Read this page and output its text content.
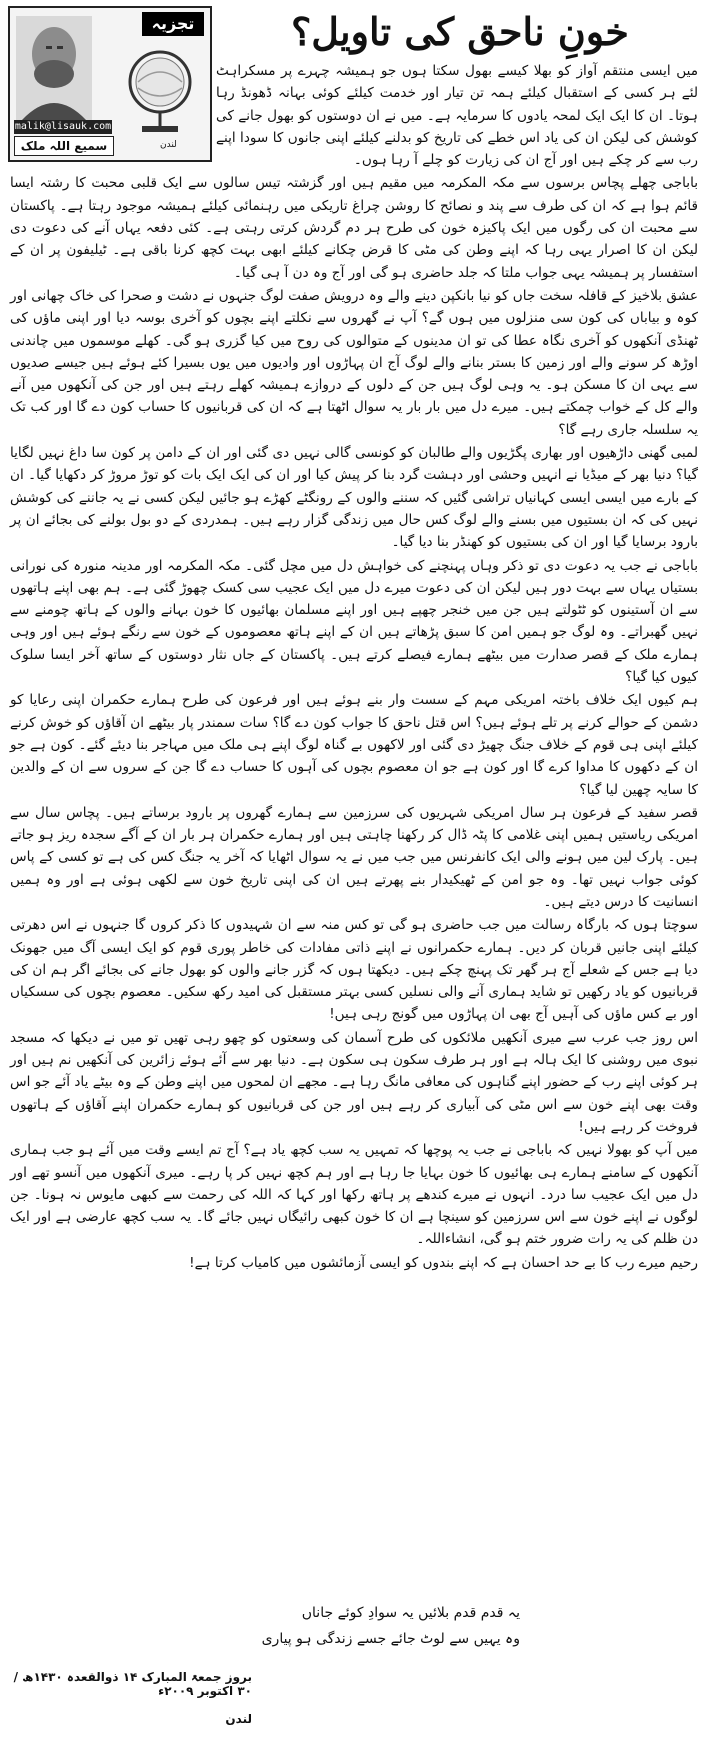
تجزیہ
malik@lisauk.com
سمیع اللہ ملک	لندن
خونِ ناحق کی تاویل؟

میں ایسی منتقم آواز کو بھلا کیسے بھول سکتا ہوں جو ہمیشہ چہرے پر مسکراہٹ لئے ہر کسی کے استقبال کیلئے ہمہ تن تیار اور خدمت کیلئے کوئی بہانہ ڈھونڈ رہا ہوتا۔ ان کا ایک ایک لمحہ یادوں کا سرمایہ ہے۔ میں نے ان دوستوں کو بھول جانے کی کوشش کی لیکن ان کی یاد اس خطے کی تاریخ کو بدلنے کیلئے اپنی جانوں کا سودا اپنے رب سے کر چکے ہیں اور آج ان کی زیارت کو چلے آ رہا ہوں۔

باباجی چھلے پچاس برسوں سے مکہ المکرمہ میں مقیم ہیں اور گزشتہ تیس سالوں سے ایک قلبی محبت کا رشتہ ایسا قائم ہوا ہے کہ ان کی طرف سے پند و نصائح کا روشن چراغ تاریکی میں رہنمائی کیلئے ہمیشہ موجود رہتا ہے۔ پاکستان سے محبت ان کی رگوں میں ایک پاکیزہ خون کی طرح ہر دم گردش کرتی رہتی ہے۔ کئی دفعہ یہاں آنے کی دعوت دی لیکن ان کا اصرار یہی رہا کہ اپنے وطن کی مٹی کا قرض چکانے کیلئے ابھی بہت کچھ کرنا باقی ہے۔ ٹیلیفون پر ان کے استفسار پر ہمیشہ یہی جواب ملتا کہ جلد حاضری ہو گی اور آج وہ دن آ ہی گیا۔

عشق بلاخیز کے قافلہ سخت جاں کو نیا بانکپن دینے والے وہ درویش صفت لوگ جنہوں نے دشت و صحرا کی خاک چھانی اور کوہ و بیاباں کی کون سی منزلوں میں ہوں گے؟ آپ نے گھروں سے نکلتے اپنے بچوں کو آخری بوسہ دیا اور اپنی ماؤں کی ٹھنڈی آنکھوں کو آخری نگاہ عطا کی تو ان مدینوں کے متوالوں کی روح میں کیا گزری ہو گی۔ کھلے موسموں میں چاندنی اوڑھ کر سونے والے اور زمین کا بستر بنانے والے لوگ آج ان پہاڑوں اور وادیوں میں یوں بسیرا کئے ہوئے ہیں جیسے صدیوں سے یہی ان کا مسکن ہو۔ یہ وہی لوگ ہیں جن کے دلوں کے دروازے ہمیشہ کھلے رہتے ہیں اور جن کی آنکھوں میں آنے والے کل کے خواب چمکتے ہیں۔ میرے دل میں بار بار یہ سوال اٹھتا ہے کہ ان کی قربانیوں کا حساب کون دے گا اور کب تک یہ سلسلہ جاری رہے گا؟

لمبی گھنی داڑھیوں اور بھاری پگڑیوں والے طالبان کو کونسی گالی نہیں دی گئی اور ان کے دامن پر کون سا داغ نہیں لگایا گیا؟ دنیا بھر کے میڈیا نے انہیں وحشی اور دہشت گرد بنا کر پیش کیا اور ان کی ایک ایک بات کو توڑ مروڑ کر دکھایا گیا۔ ان کے بارے میں ایسی ایسی کہانیاں تراشی گئیں کہ سننے والوں کے رونگٹے کھڑے ہو جائیں لیکن کسی نے یہ جاننے کی کوشش نہیں کی کہ ان بستیوں میں بسنے والے لوگ کس حال میں زندگی گزار رہے ہیں۔ ہمدردی کے دو بول بولنے کی بجائے ان پر بارود برسایا گیا اور ان کی بستیوں کو کھنڈر بنا دیا گیا۔

باباجی نے جب یہ دعوت دی تو ذکر وہاں پہنچنے کی خواہش دل میں مچل گئی۔ مکہ المکرمہ اور مدینہ منورہ کی نورانی بستیاں یہاں سے بہت دور ہیں لیکن ان کی دعوت میرے دل میں ایک عجیب سی کسک چھوڑ گئی ہے۔ ہم بھی اپنے ہاتھوں سے ان آستینوں کو ٹٹولتے ہیں جن میں خنجر چھپے ہیں اور اپنے مسلمان بھائیوں کا خون بہانے والوں کے ہاتھ چومنے سے نہیں گھبراتے۔ وہ لوگ جو ہمیں امن کا سبق پڑھاتے ہیں ان کے اپنے ہاتھ معصوموں کے خون سے رنگے ہوئے ہیں اور وہی ہمارے ملک کے قصر صدارت میں بیٹھے ہمارے فیصلے کرتے ہیں۔ پاکستان کے جاں نثار دوستوں کے ساتھ آخر ایسا سلوک کیوں کیا گیا؟

ہم کیوں ایک خلاف باختہ امریکی مہم کے سست وار بنے ہوئے ہیں اور فرعون کی طرح ہمارے حکمران اپنی رعایا کو دشمن کے حوالے کرنے پر تلے ہوئے ہیں؟ اس قتل ناحق کا جواب کون دے گا؟ سات سمندر پار بیٹھے ان آقاؤں کو خوش کرنے کیلئے اپنی ہی قوم کے خلاف جنگ چھیڑ دی گئی اور لاکھوں بے گناہ لوگ اپنے ہی ملک میں مہاجر بنا دیئے گئے۔ کون ہے جو ان کے دکھوں کا مداوا کرے گا اور کون ہے جو ان معصوم بچوں کی آہوں کا حساب دے گا جن کے سروں سے ان کے والدین کا سایہ چھین لیا گیا؟

قصر سفید کے فرعون ہر سال امریکی شہریوں کی سرزمین سے ہمارے گھروں پر بارود برساتے ہیں۔ پچاس سال سے امریکی ریاستیں ہمیں اپنی غلامی کا پٹہ ڈال کر رکھنا چاہتی ہیں اور ہمارے حکمران ہر بار ان کے آگے سجدہ ریز ہو جاتے ہیں۔ پارک لین میں ہونے والی ایک کانفرنس میں جب میں نے یہ سوال اٹھایا کہ آخر یہ جنگ کس کی ہے تو کسی کے پاس کوئی جواب نہیں تھا۔ وہ جو امن کے ٹھیکیدار بنے پھرتے ہیں ان کی اپنی تاریخ خون سے لکھی ہوئی ہے اور وہ ہمیں انسانیت کا درس دیتے ہیں۔

سوچتا ہوں کہ بارگاہ رسالت میں جب حاضری ہو گی تو کس منہ سے ان شہیدوں کا ذکر کروں گا جنہوں نے اس دھرتی کیلئے اپنی جانیں قربان کر دیں۔ ہمارے حکمرانوں نے اپنے ذاتی مفادات کی خاطر پوری قوم کو ایک ایسی آگ میں جھونک دیا ہے جس کے شعلے آج ہر گھر تک پہنچ چکے ہیں۔ دیکھتا ہوں کہ گزر جانے والوں کو بھول جانے کی بجائے اگر ہم ان کی قربانیوں کو یاد رکھیں تو شاید ہماری آنے والی نسلیں کسی بہتر مستقبل کی امید رکھ سکیں۔ معصوم بچوں کی سسکیاں اور بے کس ماؤں کی آہیں آج بھی ان پہاڑوں میں گونج رہی ہیں!

اس روز جب عرب سے میری آنکھیں ملائکوں کی طرح آسمان کی وسعتوں کو چھو رہی تھیں تو میں نے دیکھا کہ مسجد نبوی میں روشنی کا ایک ہالہ ہے اور ہر طرف سکون ہی سکون ہے۔ دنیا بھر سے آئے ہوئے زائرین کی آنکھیں نم ہیں اور ہر کوئی اپنے رب کے حضور اپنے گناہوں کی معافی مانگ رہا ہے۔ مجھے ان لمحوں میں اپنے وطن کے وہ بیٹے یاد آئے جو اس وقت بھی اپنے خون سے اس مٹی کی آبیاری کر رہے ہیں اور جن کی قربانیوں کو ہمارے حکمران اپنے آقاؤں کے ہاتھوں فروخت کر رہے ہیں!

میں آپ کو بھولا نہیں کہ باباجی نے جب یہ پوچھا کہ تمہیں یہ سب کچھ یاد ہے؟ آج تم ایسے وقت میں آئے ہو جب ہماری آنکھوں کے سامنے ہمارے ہی بھائیوں کا خون بہایا جا رہا ہے اور ہم کچھ نہیں کر پا رہے۔ میری آنکھوں میں آنسو تھے اور دل میں ایک عجیب سا درد۔ انہوں نے میرے کندھے پر ہاتھ رکھا اور کہا کہ اللہ کی رحمت سے کبھی مایوس نہ ہونا۔ جن لوگوں نے اپنے خون سے اس سرزمین کو سینچا ہے ان کا خون کبھی رائیگاں نہیں جائے گا۔ یہ سب کچھ عارضی ہے اور ایک دن ظلم کی یہ رات ضرور ختم ہو گی، انشاءاللہ۔

رحیم میرے رب کا بے حد احسان ہے کہ اپنے بندوں کو ایسی آزمائشوں میں کامیاب کرتا ہے!

یہ قدم قدم بلائیں یہ سوادِ کوئے جاناں
وہ یہیں سے لوٹ جائے جسے زندگی ہو پیاری
بروز جمعۃ المبارک ۱۴ ذوالقعدہ ۱۴۳۰ھ / ۳۰ اکتوبر ۲۰۰۹ء
لندن
